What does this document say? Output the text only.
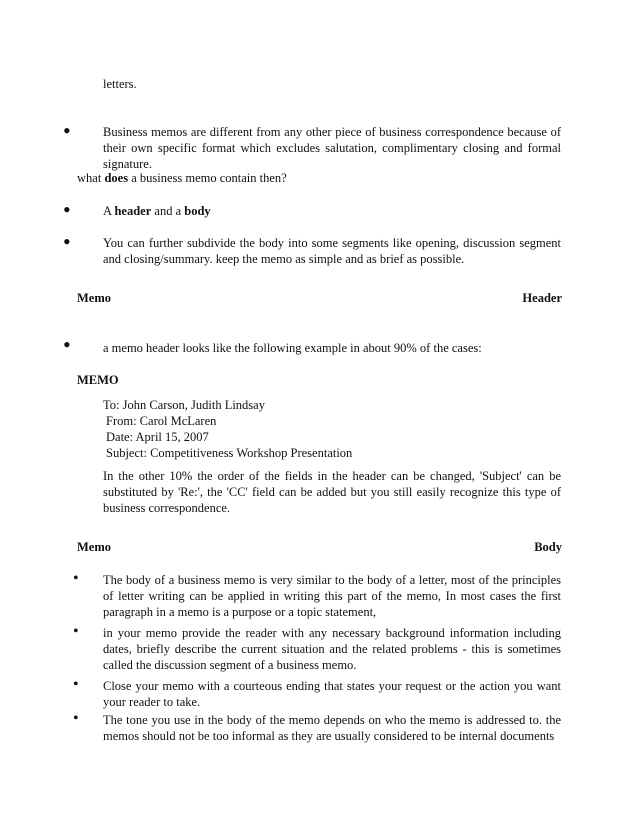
letters.
•	Business memos are different from any other piece of business correspondence because of their own specific format which excludes salutation, complimentary closing and formal signature.
what does a business memo contain then?
•	A header and a body
•	You can further subdivide the body into some segments like opening, discussion segment and closing/summary. keep the memo as simple and as brief as possible.
Memo	Header
•	a memo header looks like the following example in about 90% of the cases:
MEMO
To: John Carson, Judith Lindsay
From: Carol McLaren
Date: April 15, 2007
Subject: Competitiveness Workshop Presentation
In the other 10% the order of the fields in the header can be changed, 'Subject' can be substituted by 'Re:', the 'CC' field can be added but you still easily recognize this type of business correspondence.
Memo	Body
• The body of a business memo is very similar to the body of a letter, most of the principles of letter writing can be applied in writing this part of the memo, In most cases the first paragraph in a memo is a purpose or a topic statement,
• in your memo provide the reader with any necessary background information including dates, briefly describe the current situation and the related problems - this is sometimes called the discussion segment of a business memo.
• Close your memo with a courteous ending that states your request or the action you want your reader to take.
• The tone you use in the body of the memo depends on who the memo is addressed to. the memos should not be too informal as they are usually considered to be internal documents
